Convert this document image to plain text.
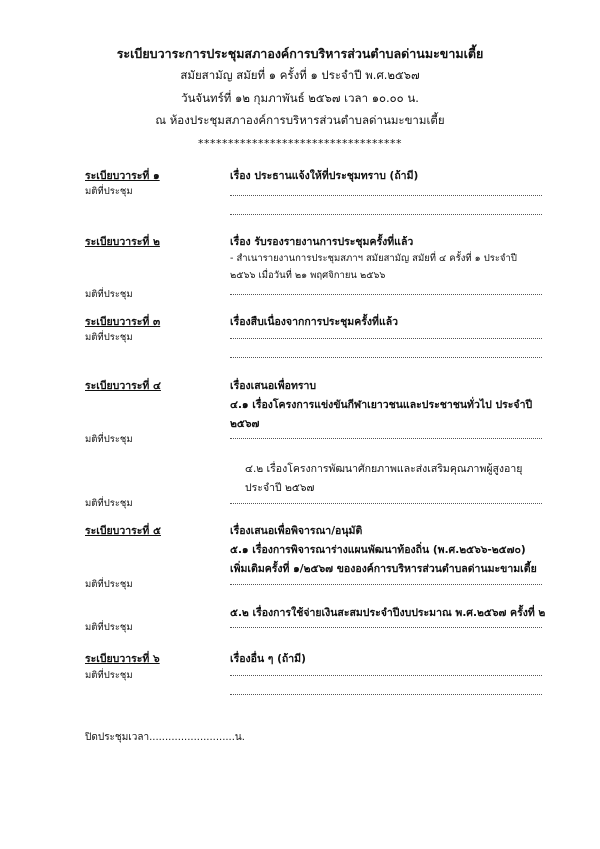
ระเบียบวาระการประชุมสภาองค์การบริหารส่วนตำบลด่านมะขามเตี้ย
สมัยสามัญ สมัยที่ ๑ ครั้งที่ ๑ ประจำปี พ.ศ.๒๕๖๗
วันจันทร์ที่ ๑๒ กุมภาพันธ์ ๒๕๖๗ เวลา ๑๐.๐๐ น.
ณ ห้องประชุมสภาองค์การบริหารส่วนตำบลด่านมะขามเตี้ย
**********************************
ระเบียบวาระที่ ๑	เรื่อง ประธานแจ้งให้ที่ประชุมทราบ (ถ้ามี)
มติที่ประชุม
ระเบียบวาระที่ ๒	เรื่อง รับรองรายงานการประชุมครั้งที่แล้ว
- สำเนารายงานการประชุมสภาฯ สมัยสามัญ สมัยที่ ๔ ครั้งที่ ๑ ประจำปี
๒๕๖๖ เมื่อวันที่ ๒๑ พฤศจิกายน ๒๕๖๖
มติที่ประชุม
ระเบียบวาระที่ ๓	เรื่องสืบเนื่องจากการประชุมครั้งที่แล้ว
มติที่ประชุม
ระเบียบวาระที่ ๔	เรื่องเสนอเพื่อทราบ
๔.๑ เรื่องโครงการแข่งขันกีฬาเยาวชนและประชาชนทั่วไป ประจำปี
๒๕๖๗
มติที่ประชุม
๔.๒ เรื่องโครงการพัฒนาศักยภาพและส่งเสริมคุณภาพผู้สูงอายุ
ประจำปี ๒๕๖๗
มติที่ประชุม
ระเบียบวาระที่ ๕	เรื่องเสนอเพื่อพิจารณา/อนุมัติ
๕.๑ เรื่องการพิจารณาร่างแผนพัฒนาท้องถิ่น (พ.ศ.๒๕๖๖-๒๕๗๐)
เพิ่มเติมครั้งที่ ๑/๒๕๖๗ ขององค์การบริหารส่วนตำบลด่านมะขามเตี้ย
มติที่ประชุม
๕.๒ เรื่องการใช้จ่ายเงินสะสมประจำปีงบประมาณ พ.ศ.๒๕๖๗ ครั้งที่ ๒
มติที่ประชุม
ระเบียบวาระที่ ๖	เรื่องอื่น ๆ (ถ้ามี)
มติที่ประชุม
ปิดประชุมเวลา...........................น.
